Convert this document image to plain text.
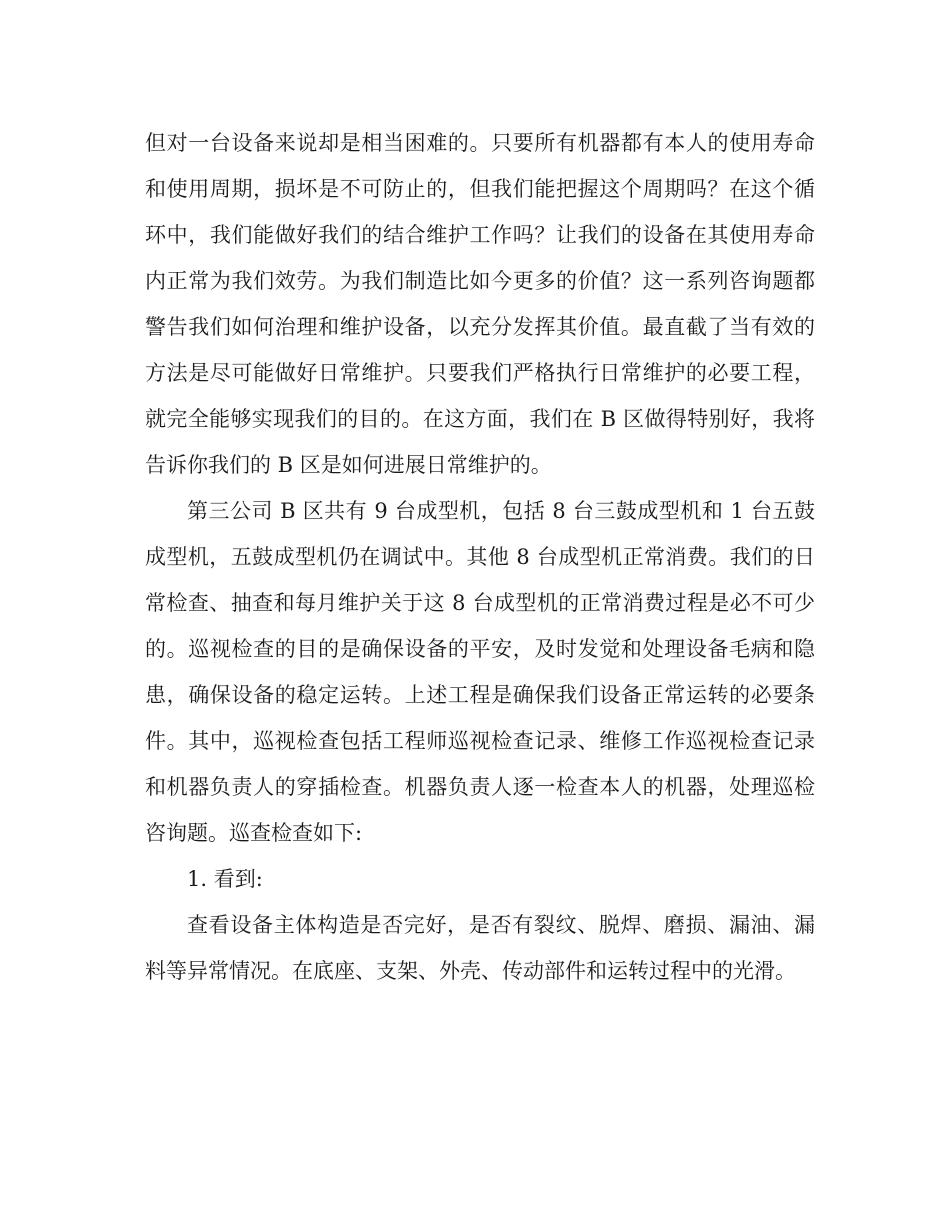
但对一台设备来说却是相当困难的。只要所有机器都有本人的使用寿命和使用周期，损坏是不可防止的，但我们能把握这个周期吗？在这个循环中，我们能做好我们的结合维护工作吗？让我们的设备在其使用寿命内正常为我们效劳。为我们制造比如今更多的价值？这一系列咨询题都警告我们如何治理和维护设备，以充分发挥其价值。最直截了当有效的方法是尽可能做好日常维护。只要我们严格执行日常维护的必要工程，就完全能够实现我们的目的。在这方面，我们在 B 区做得特别好，我将告诉你我们的 B 区是如何进展日常维护的。

第三公司 B 区共有 9 台成型机，包括 8 台三鼓成型机和 1 台五鼓成型机，五鼓成型机仍在调试中。其他 8 台成型机正常消费。我们的日常检查、抽查和每月维护关于这 8 台成型机的正常消费过程是必不可少的。巡视检查的目的是确保设备的平安，及时发觉和处理设备毛病和隐患，确保设备的稳定运转。上述工程是确保我们设备正常运转的必要条件。其中，巡视检查包括工程师巡视检查记录、维修工作巡视检查记录和机器负责人的穿插检查。机器负责人逐一检查本人的机器，处理巡检咨询题。巡查检查如下:

1. 看到:

查看设备主体构造是否完好，是否有裂纹、脱焊、磨损、漏油、漏料等异常情况。在底座、支架、外壳、传动部件和运转过程中的光滑。
